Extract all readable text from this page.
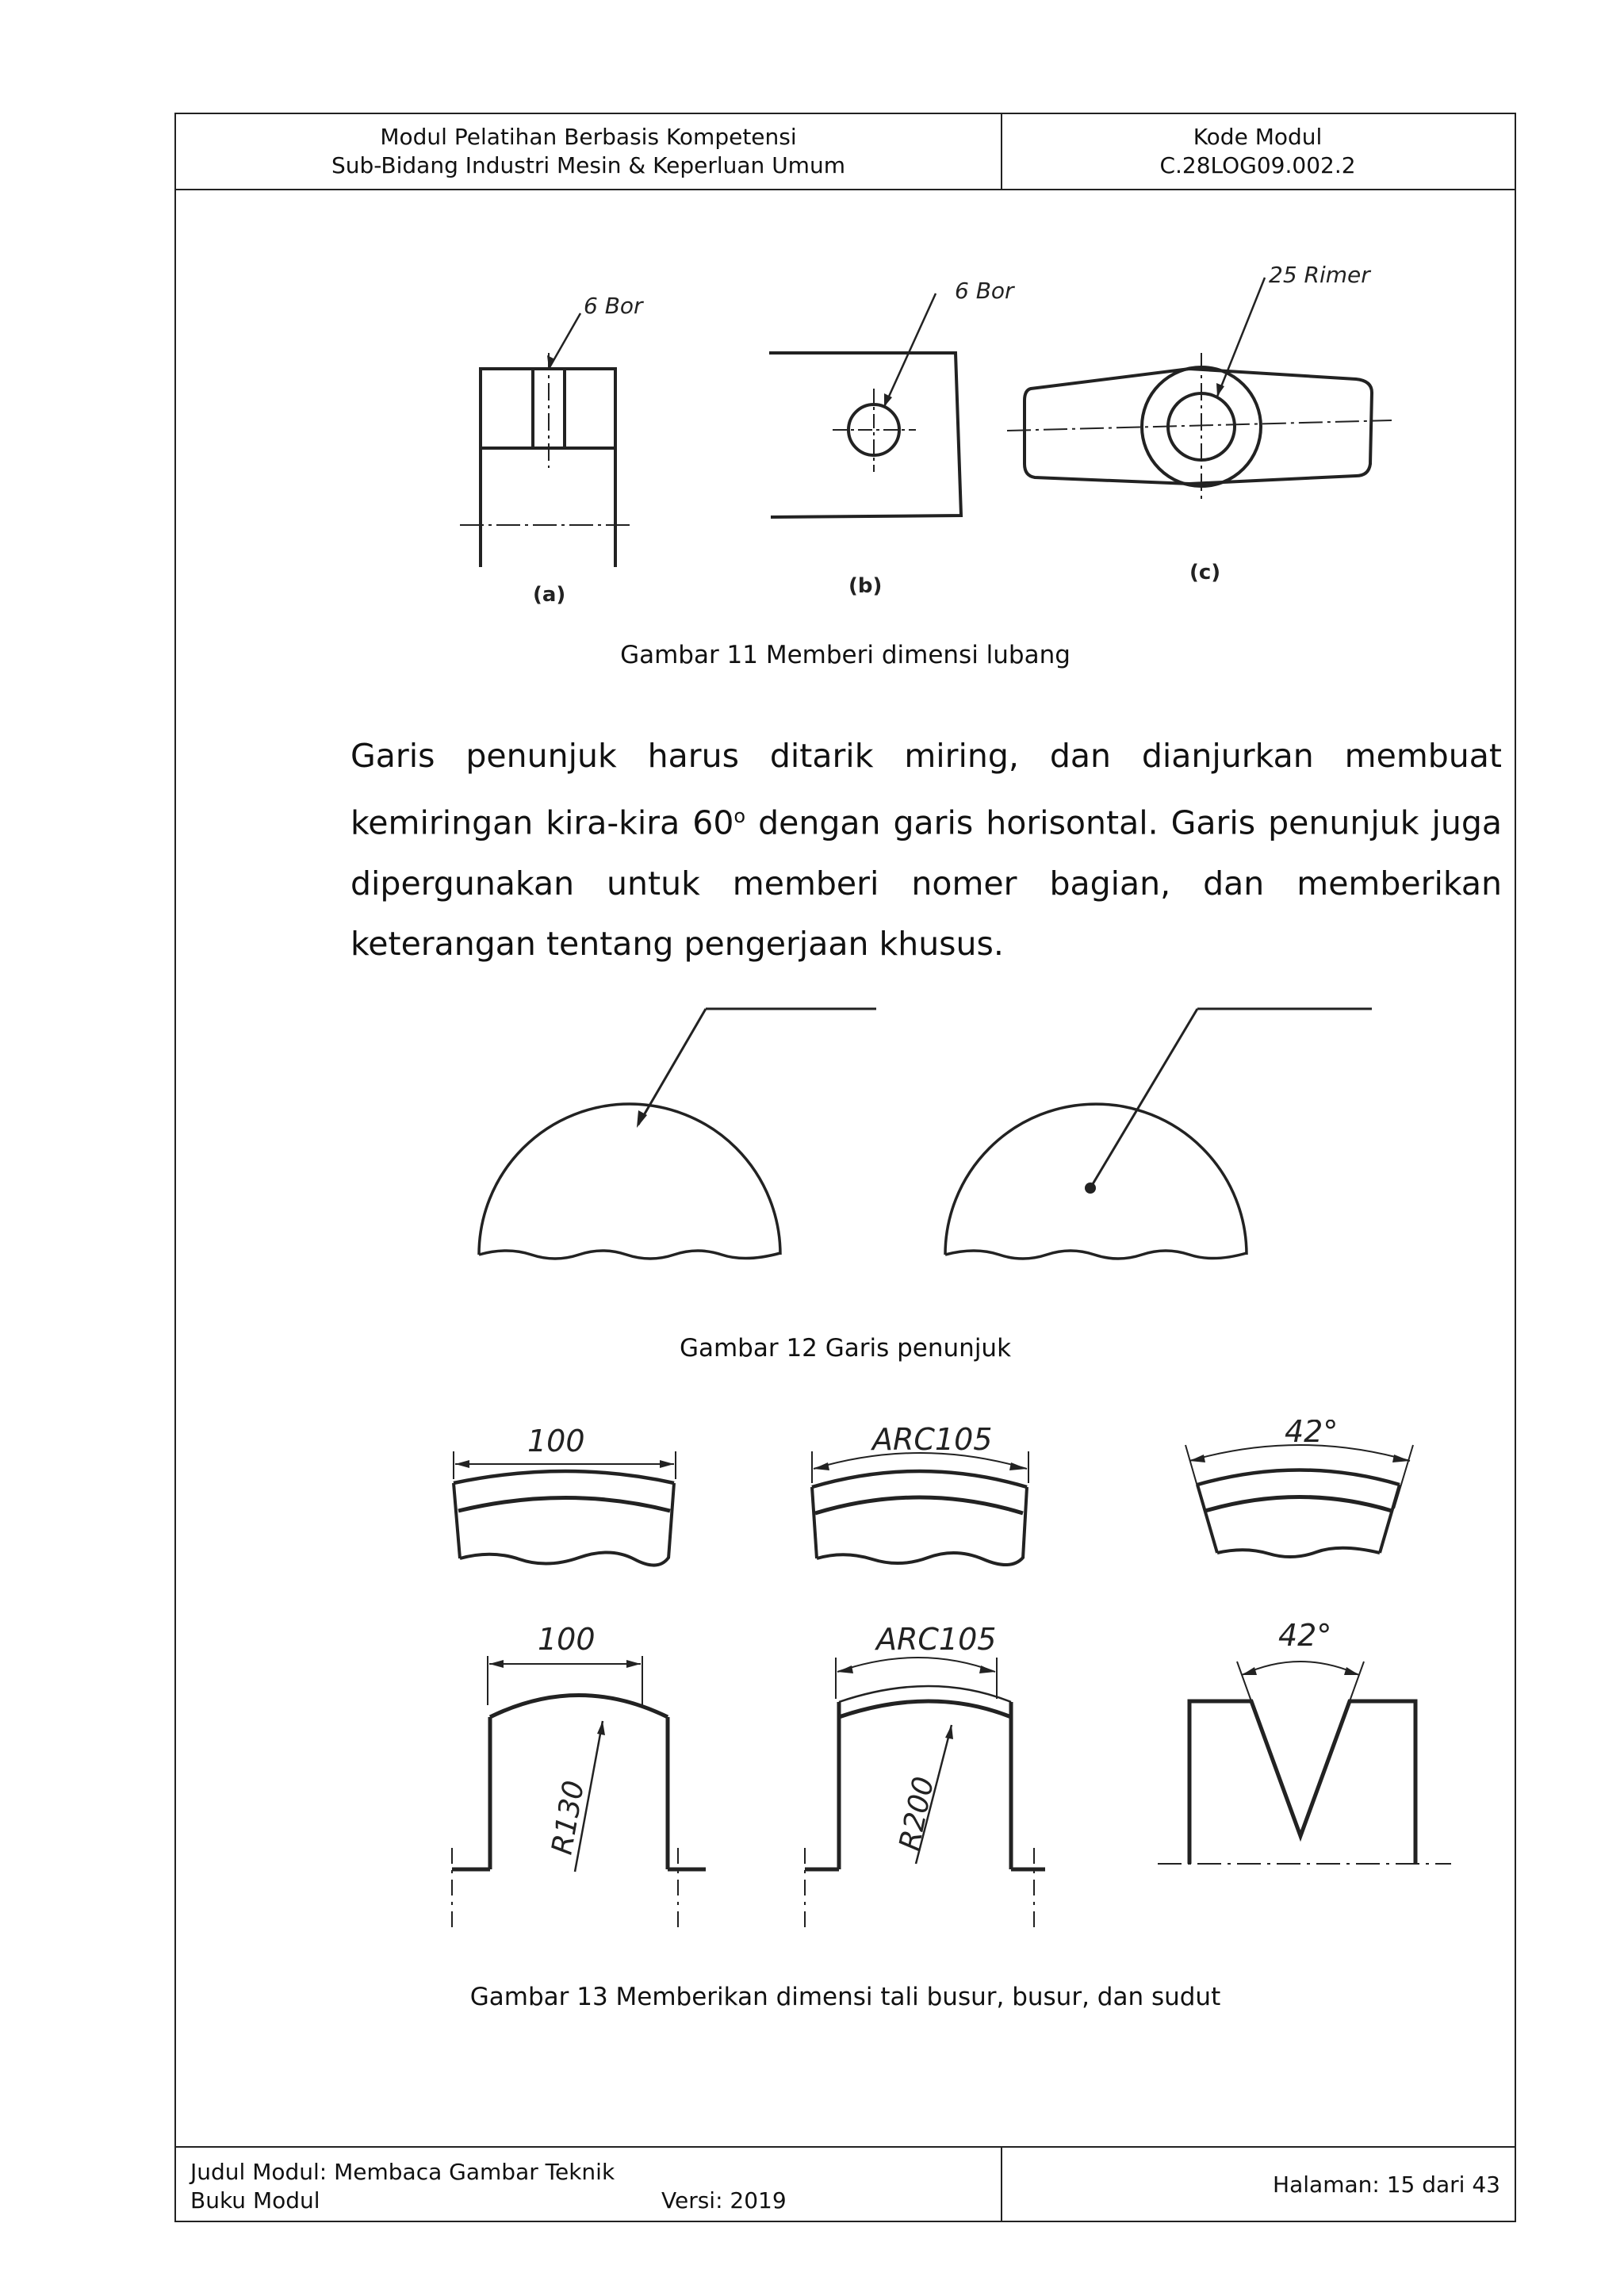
Modul Pelatihan Berbasis Kompetensi
Sub-Bidang Industri Mesin & Keperluan Umum
Kode Modul
C.28LOG09.002.2
Judul Modul: Membaca Gambar Teknik
Buku Modul	Versi: 2019
Halaman: 15 dari 43
6 Bor
6 Bor
25 Rimer
(a)	(b)
(c)
Gambar 11 Memberi dimensi lubang
Garis penunjuk harus ditarik miring, dan dianjurkan membuat kemiringan kira-kira 60$^o$ dengan garis horisontal. Garis penunjuk juga dipergunakan untuk memberi nomer bagian, dan memberikan keterangan tentang pengerjaan khusus.
Gambar 12 Garis penunjuk
100	ARC105	42°
100	ARC105	42°
R130	R200
Gambar 13 Memberikan dimensi tali busur, busur, dan sudut
